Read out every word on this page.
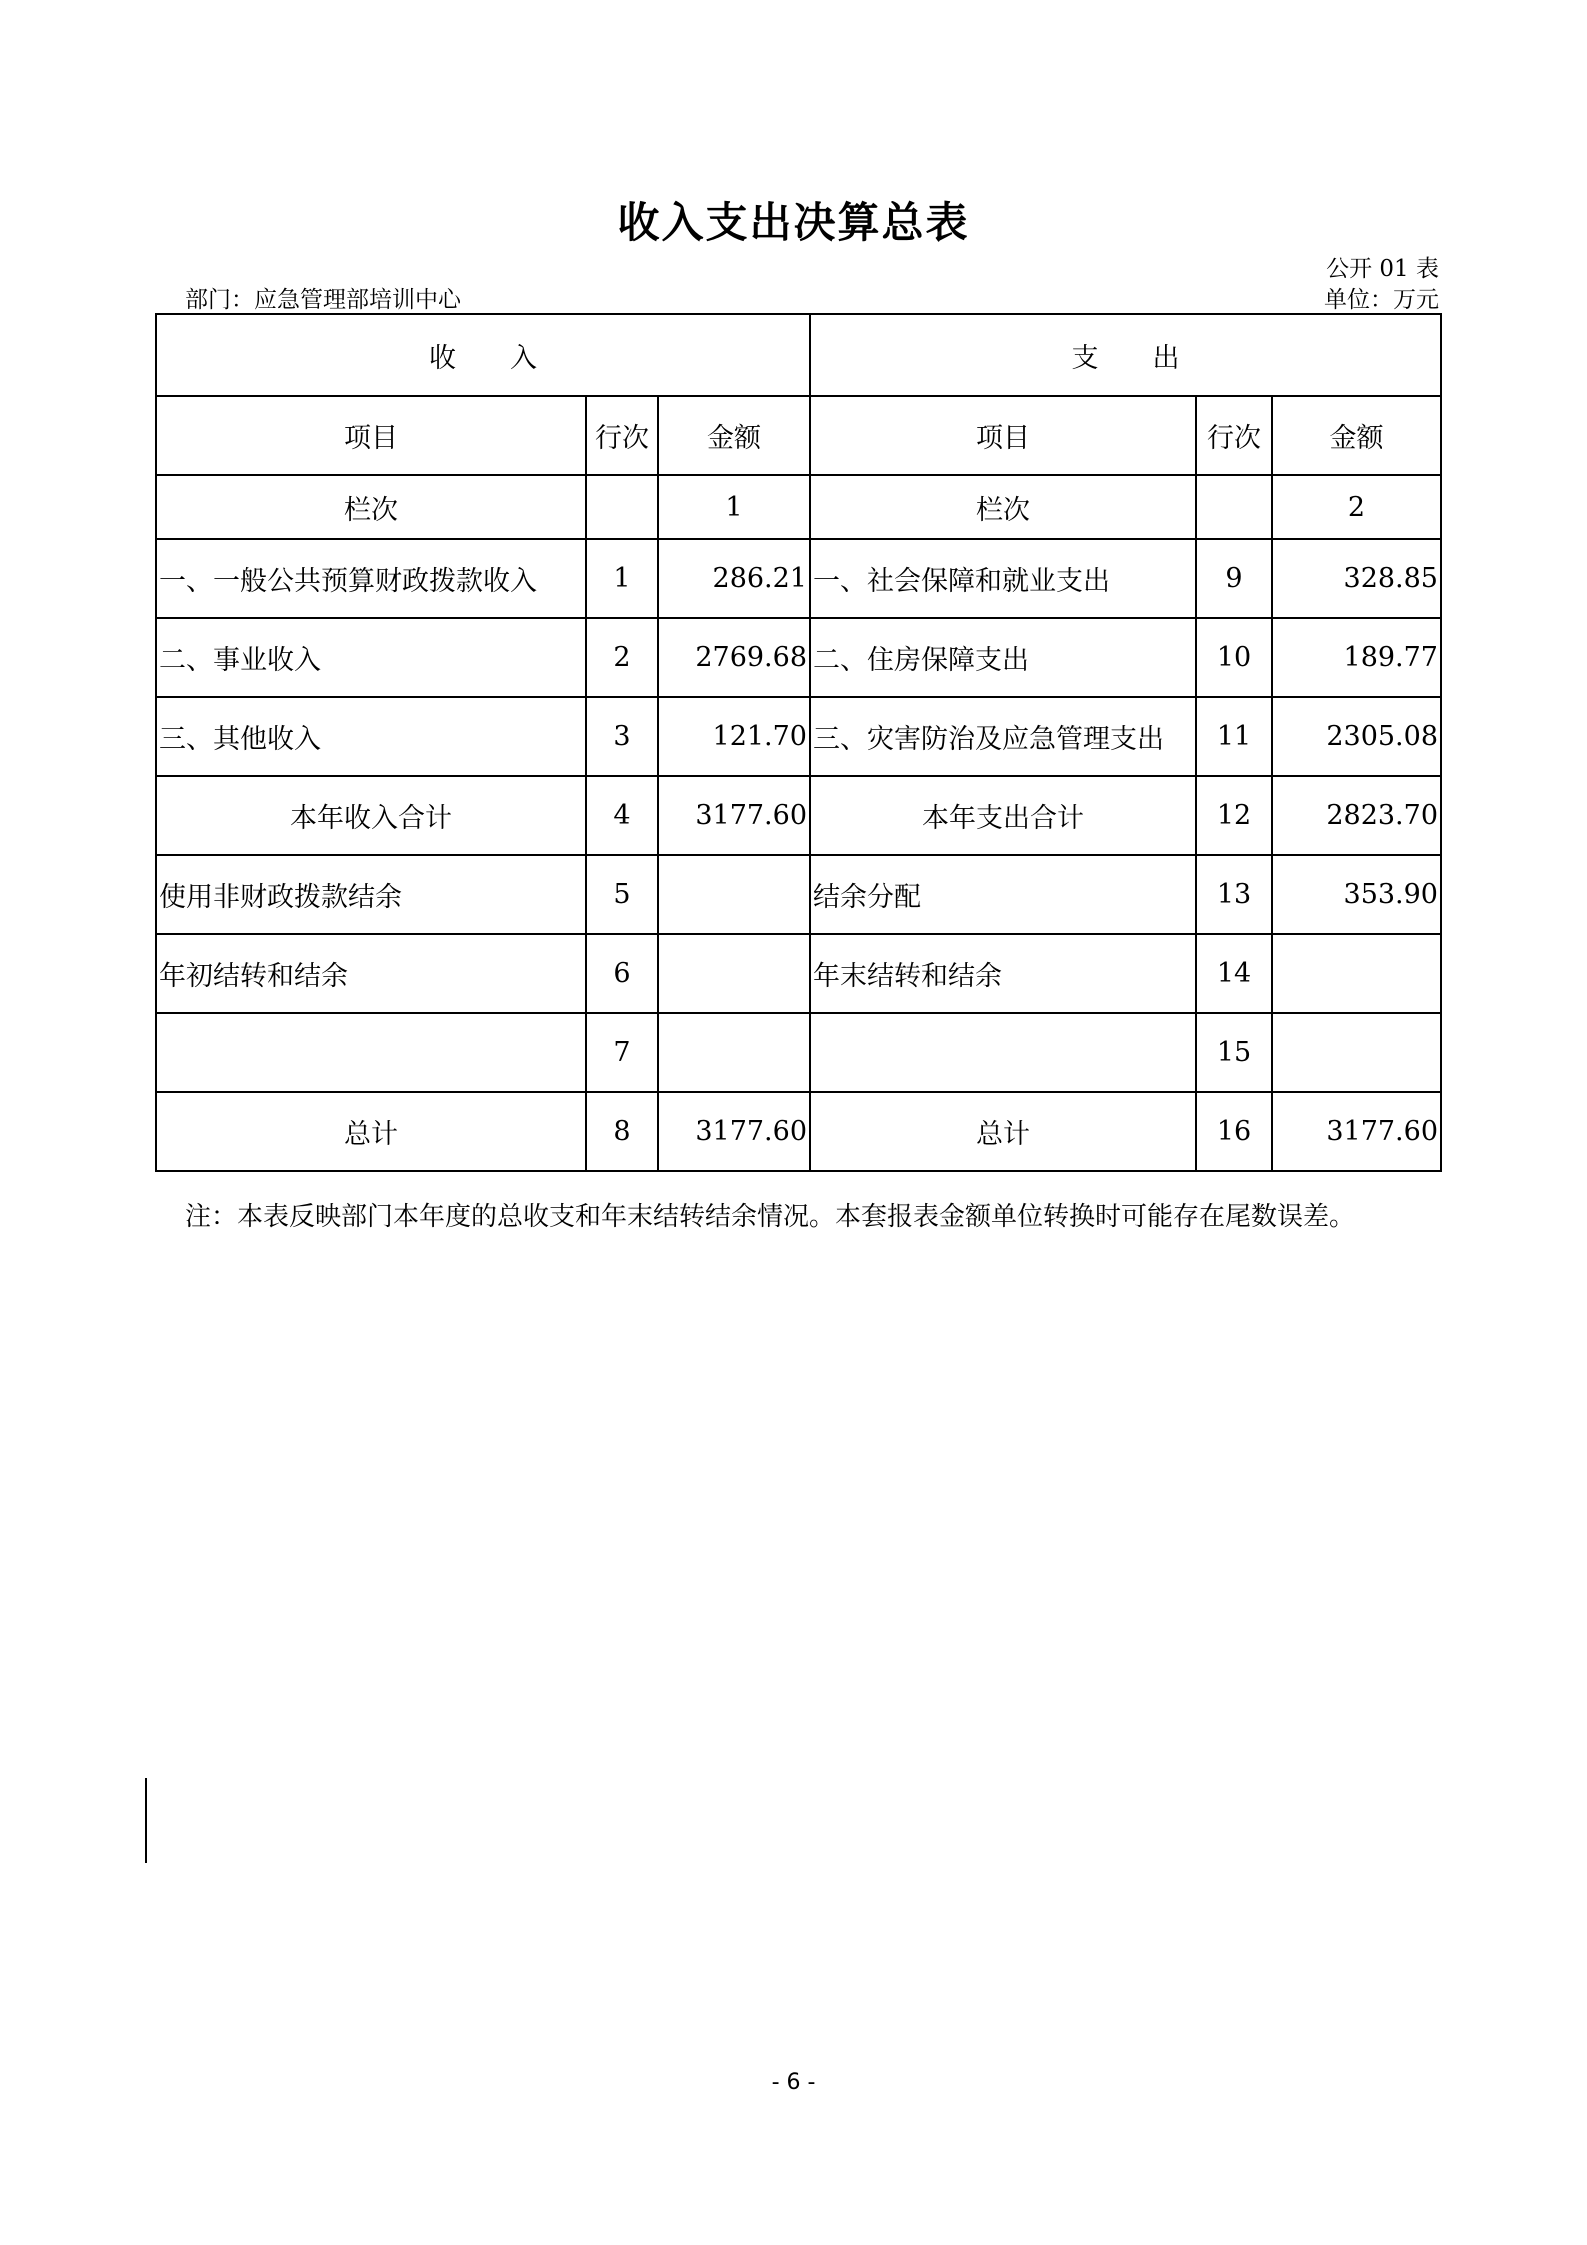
收入支出决算总表
公开 01 表
部门：应急管理部培训中心	单位：万元
收　　入			支　　出		
项目	行次	金额	项目	行次	金额
栏次		1	栏次		2
一、一般公共预算财政拨款收入	1	286.21	一、社会保障和就业支出	9	328.85
二、事业收入	2	2769.68	二、住房保障支出	10	189.77
三、其他收入	3	121.70	三、灾害防治及应急管理支出	11	2305.08
本年收入合计	4	3177.60	本年支出合计	12	2823.70
使用非财政拨款结余	5		结余分配	13	353.90
年初结转和结余	6		年末结转和结余	14	
	7			15	
总计	8	3177.60	总计	16	3177.60
注：本表反映部门本年度的总收支和年末结转结余情况。本套报表金额单位转换时可能存在尾数误差。
- 6 -
